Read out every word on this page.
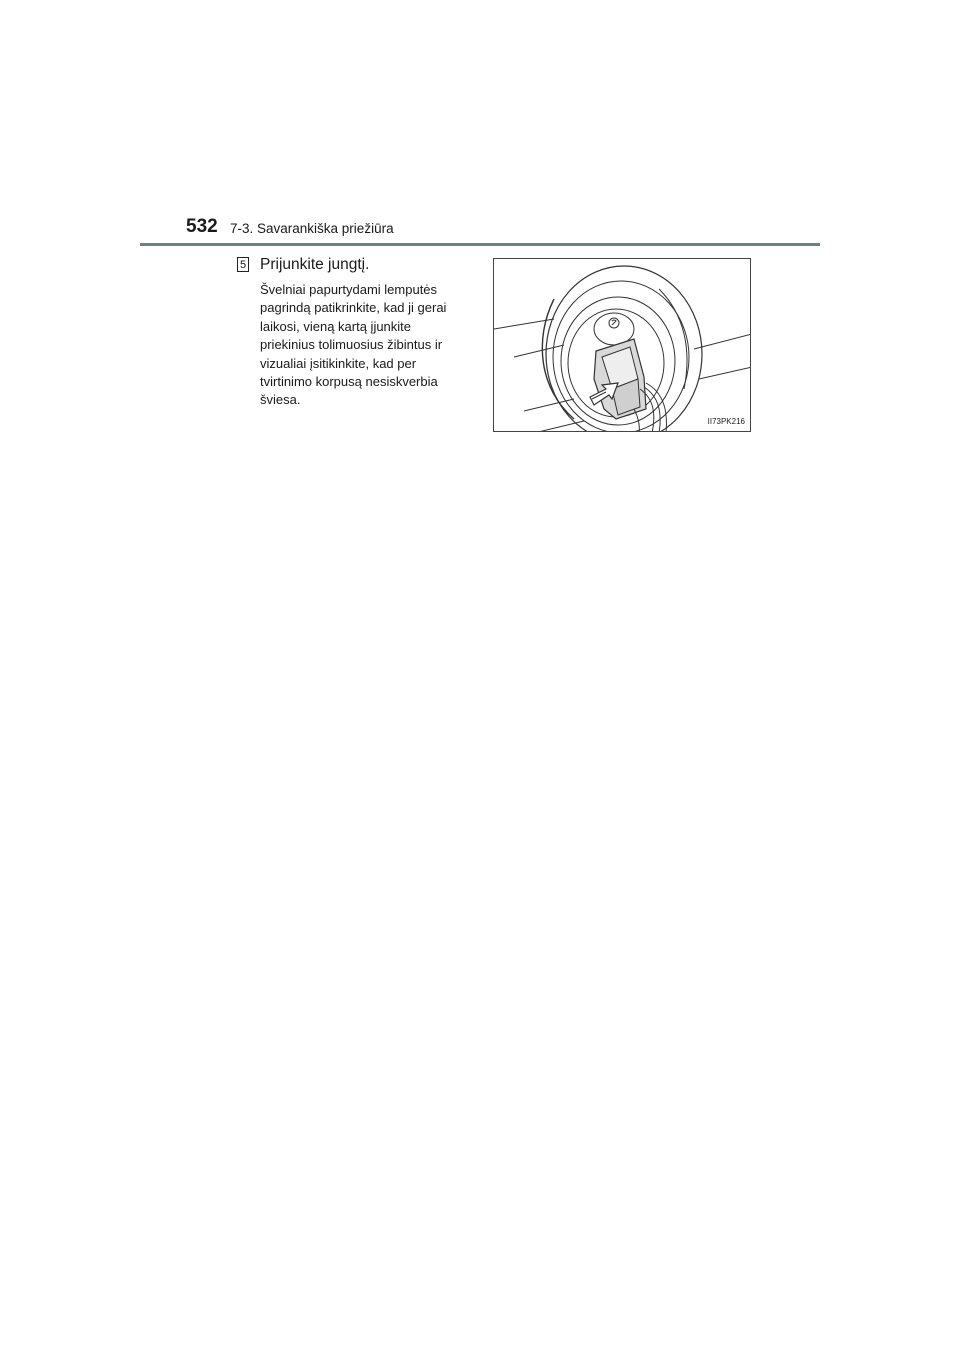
532 7-3. Savarankiška priežiūra
5 Prijunkite jungtį.
Švelniai papurtydami lemputės
pagrindą patikrinkite, kad ji gerai
laikosi, vieną kartą įjunkite
priekinius tolimuosius žibintus ir
vizualiai įsitikinkite, kad per
tvirtinimo korpusą nesiskverbia
šviesa.
II73PK216
